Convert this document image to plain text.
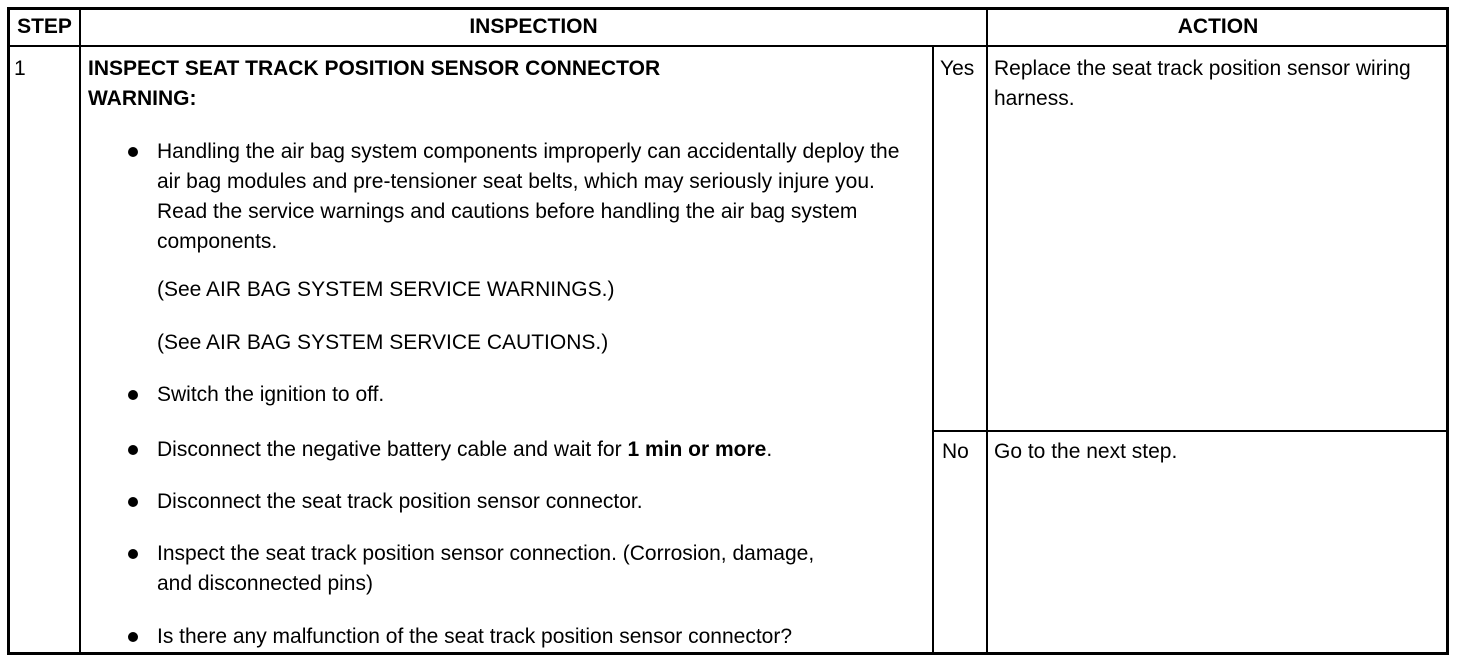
STEP	INSPECTION	ACTION
1	INSPECT SEAT TRACK POSITION SENSOR CONNECTOR
WARNING:
Handling the air bag system components improperly can accidentally deploy the air bag modules and pre-tensioner seat belts, which may seriously injure you. Read the service warnings and cautions before handling the air bag system components.
(See AIR BAG SYSTEM SERVICE WARNINGS.)
(See AIR BAG SYSTEM SERVICE CAUTIONS.)
Switch the ignition to off.
Disconnect the negative battery cable and wait for 1 min or more.
Disconnect the seat track position sensor connector.
Inspect the seat track position sensor connection. (Corrosion, damage, and disconnected pins)
Is there any malfunction of the seat track position sensor connector?
Yes Replace the seat track position sensor wiring harness.
No Go to the next step.
